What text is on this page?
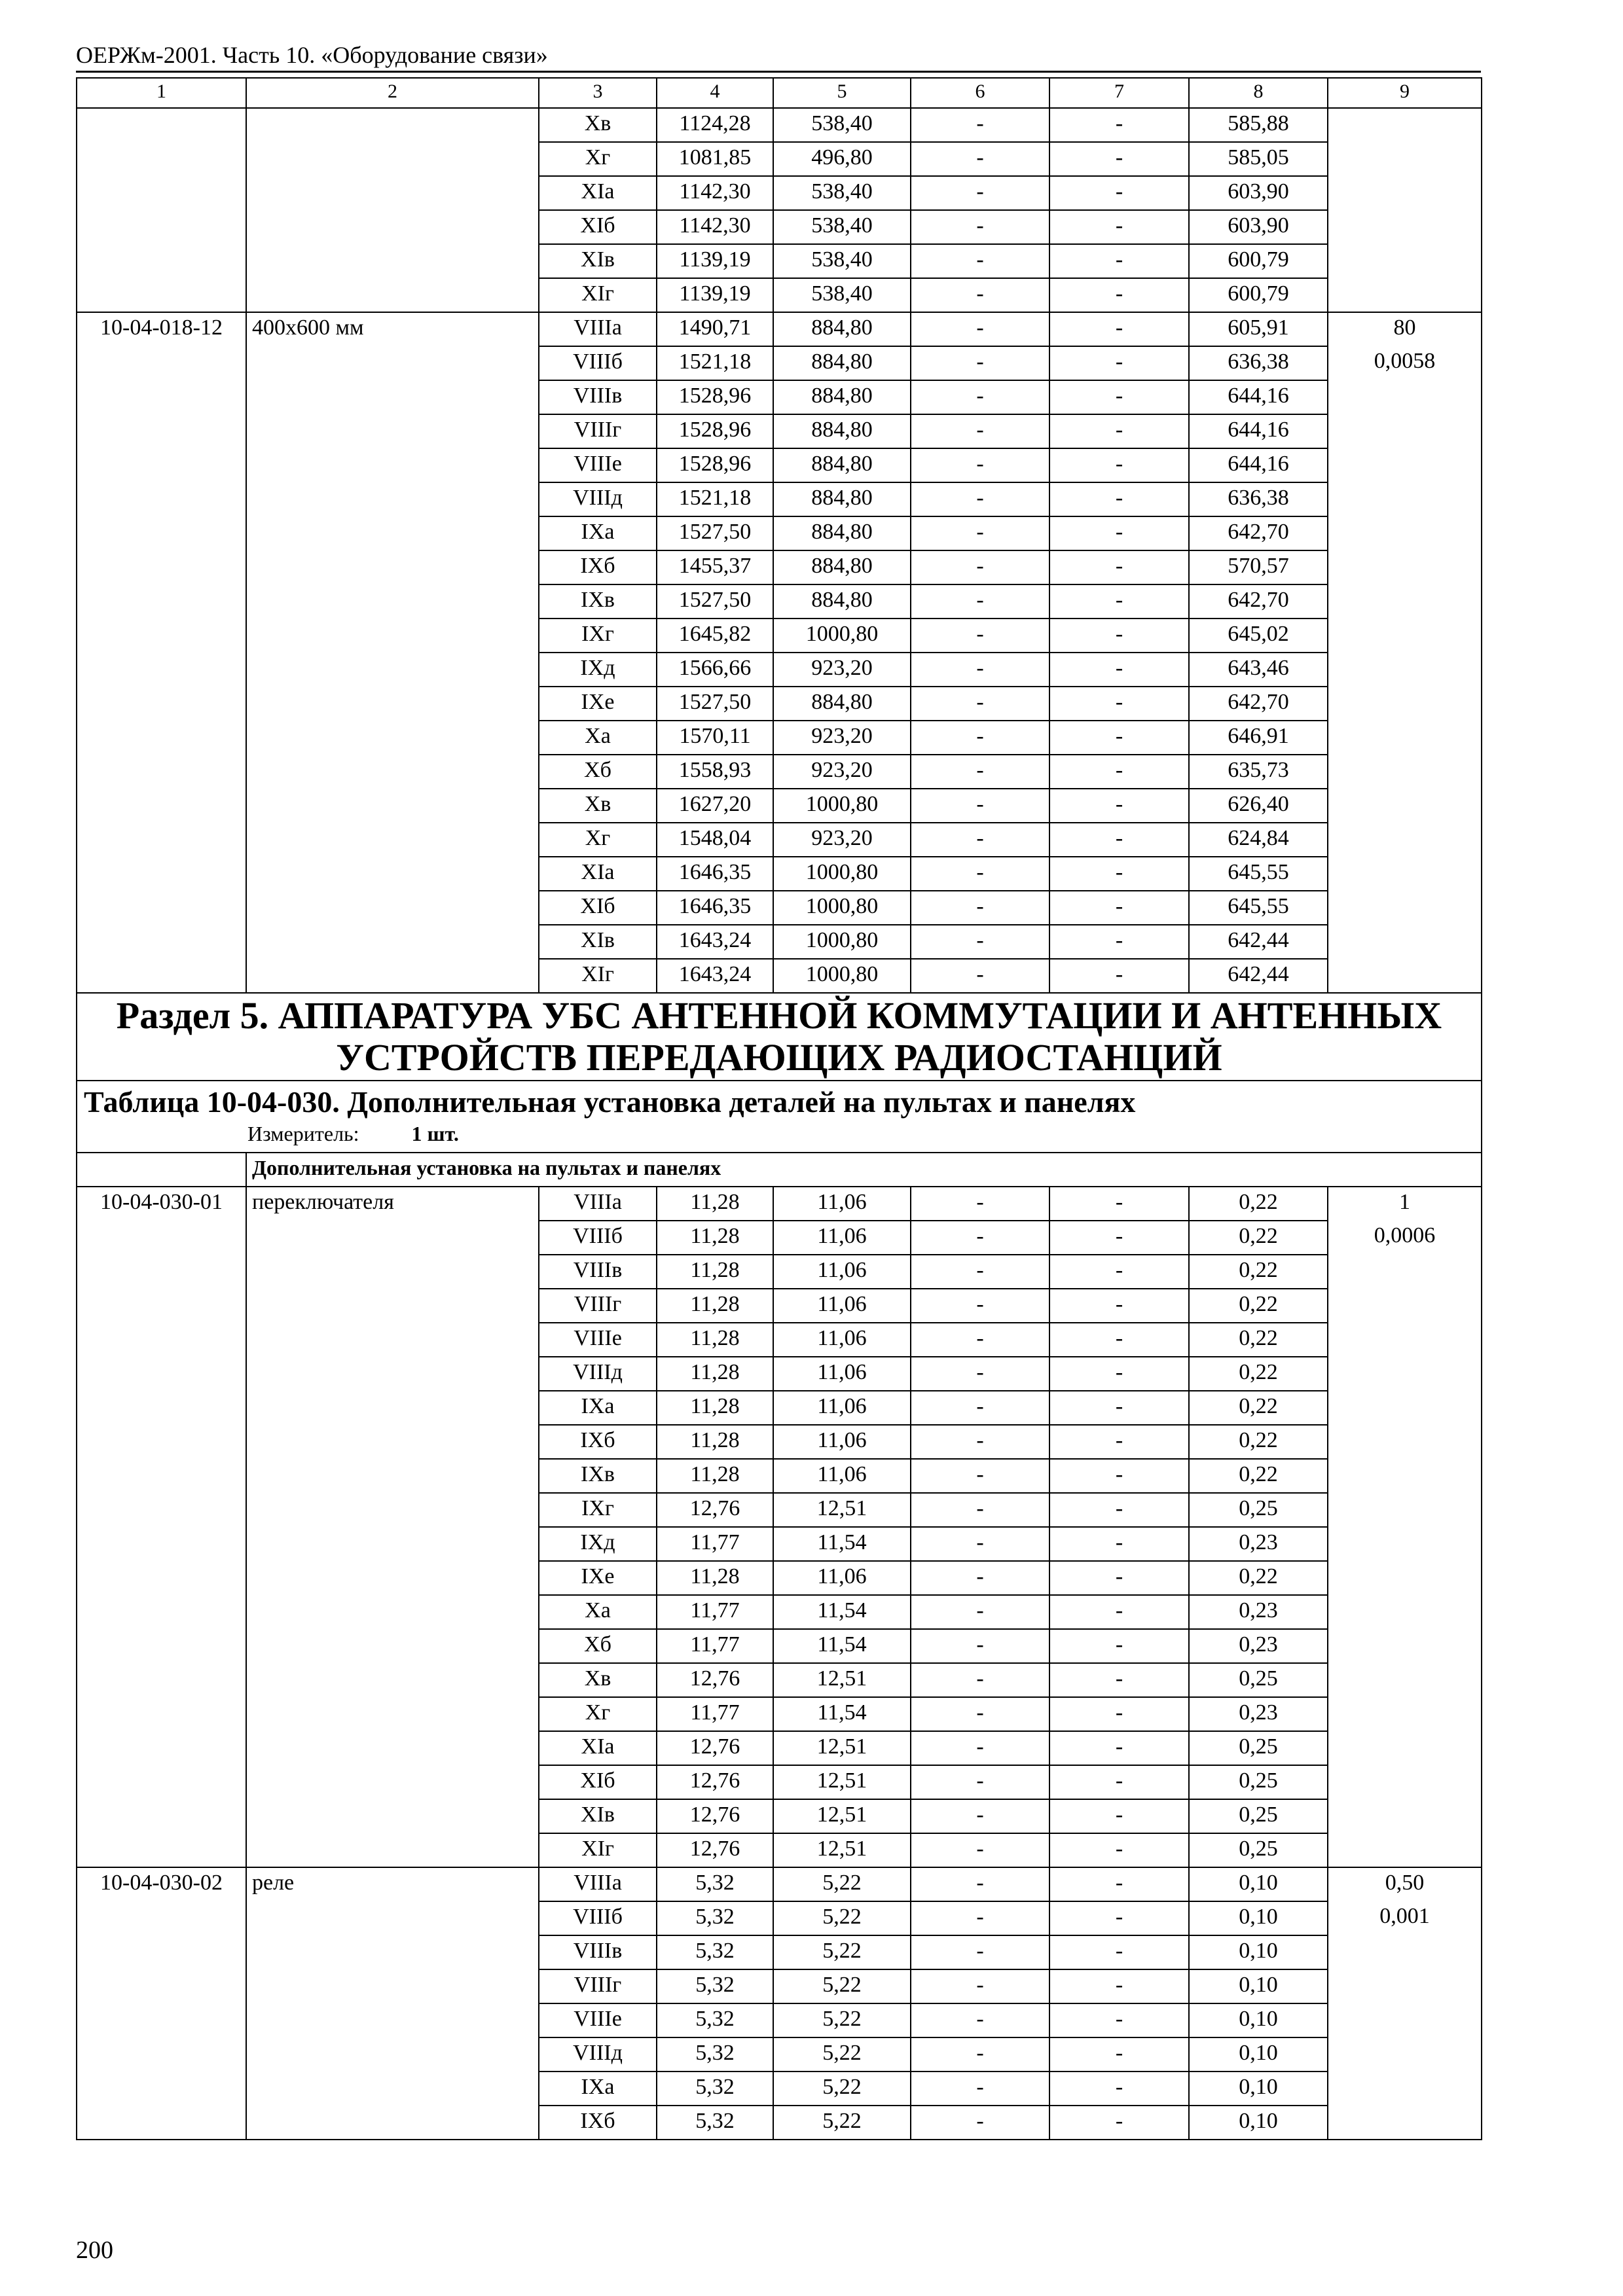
ОЕРЖм-2001. Часть 10. «Оборудование связи»
1	2	3	4	5	6	7	8	9
		Xв	1124,28	538,40	-	-	585,88	
		Xг	1081,85	496,80	-	-	585,05	
		XIа	1142,30	538,40	-	-	603,90	
		XIб	1142,30	538,40	-	-	603,90	
		XIв	1139,19	538,40	-	-	600,79	
		XIг	1139,19	538,40	-	-	600,79	
10-04-018-12	400х600 мм	VIIIа	1490,71	884,80	-	-	605,91	80
		VIIIб	1521,18	884,80	-	-	636,38	0,0058
		VIIIв	1528,96	884,80	-	-	644,16	
		VIIIг	1528,96	884,80	-	-	644,16	
		VIIIе	1528,96	884,80	-	-	644,16	
		VIIIд	1521,18	884,80	-	-	636,38	
		IXа	1527,50	884,80	-	-	642,70	
		IXб	1455,37	884,80	-	-	570,57	
		IXв	1527,50	884,80	-	-	642,70	
		IXг	1645,82	1000,80	-	-	645,02	
		IXд	1566,66	923,20	-	-	643,46	
		IXе	1527,50	884,80	-	-	642,70	
		Xа	1570,11	923,20	-	-	646,91	
		Xб	1558,93	923,20	-	-	635,73	
		Xв	1627,20	1000,80	-	-	626,40	
		Xг	1548,04	923,20	-	-	624,84	
		XIа	1646,35	1000,80	-	-	645,55	
		XIб	1646,35	1000,80	-	-	645,55	
		XIв	1643,24	1000,80	-	-	642,44	
		XIг	1643,24	1000,80	-	-	642,44	
Раздел 5. АППАРАТУРА УБС АНТЕННОЙ КОММУТАЦИИ И АНТЕННЫХ УСТРОЙСТВ ПЕРЕДАЮЩИХ РАДИОСТАНЦИЙ								

Таблица 10-04-030. Дополнительная установка деталей на пультах и панелях
Измеритель: 1 шт.								

	Дополнительная установка на пультах и панелях							
10-04-030-01	переключателя	VIIIа	11,28	11,06	-	-	0,22	1
		VIIIб	11,28	11,06	-	-	0,22	0,0006
		VIIIв	11,28	11,06	-	-	0,22	
		VIIIг	11,28	11,06	-	-	0,22	
		VIIIе	11,28	11,06	-	-	0,22	
		VIIIд	11,28	11,06	-	-	0,22	
		IXа	11,28	11,06	-	-	0,22	
		IXб	11,28	11,06	-	-	0,22	
		IXв	11,28	11,06	-	-	0,22	
		IXг	12,76	12,51	-	-	0,25	
		IXд	11,77	11,54	-	-	0,23	
		IXе	11,28	11,06	-	-	0,22	
		Xа	11,77	11,54	-	-	0,23	
		Xб	11,77	11,54	-	-	0,23	
		Xв	12,76	12,51	-	-	0,25	
		Xг	11,77	11,54	-	-	0,23	
		XIа	12,76	12,51	-	-	0,25	
		XIб	12,76	12,51	-	-	0,25	
		XIв	12,76	12,51	-	-	0,25	
		XIг	12,76	12,51	-	-	0,25	
10-04-030-02	реле	VIIIа	5,32	5,22	-	-	0,10	0,50
		VIIIб	5,32	5,22	-	-	0,10	0,001
		VIIIв	5,32	5,22	-	-	0,10	
		VIIIг	5,32	5,22	-	-	0,10	
		VIIIе	5,32	5,22	-	-	0,10	
		VIIIд	5,32	5,22	-	-	0,10	
		IXа	5,32	5,22	-	-	0,10	
		IXб	5,32	5,22	-	-	0,10	
200
